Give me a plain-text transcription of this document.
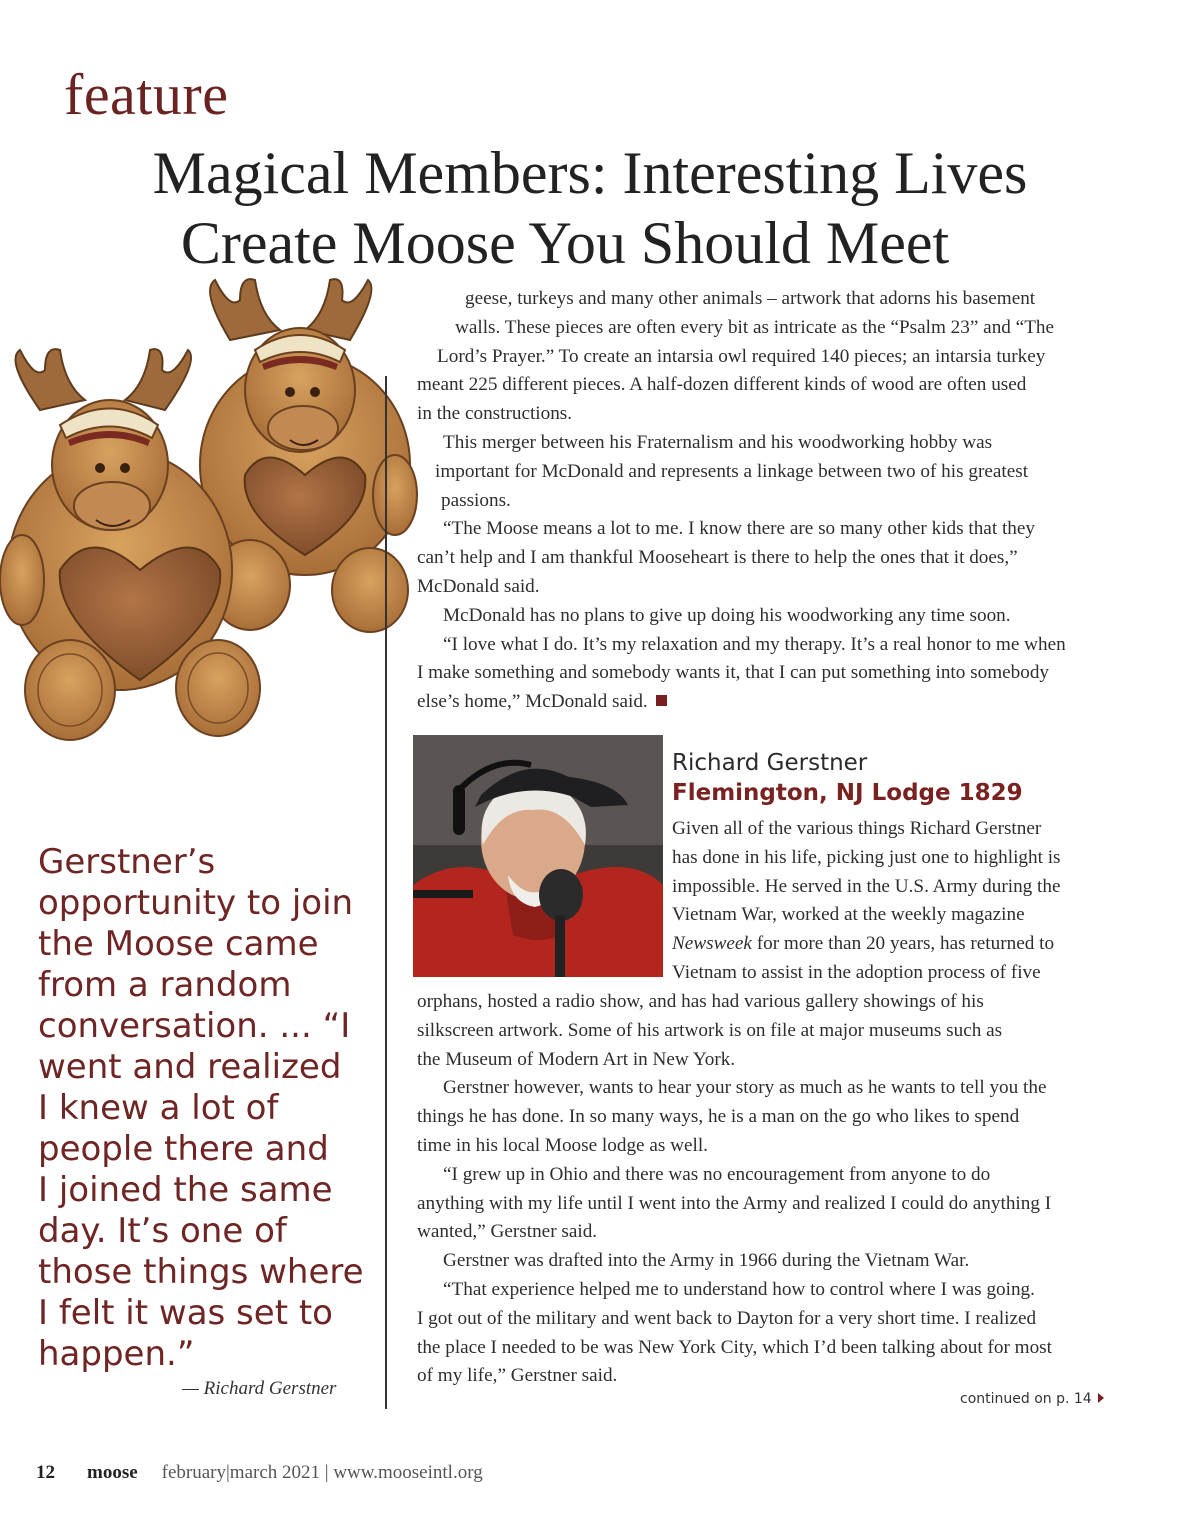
feature
Magical Members: Interesting Lives
Create Moose You Should Meet
geese, turkeys and many other animals – artwork that adorns his basement
walls. These pieces are often every bit as intricate as the “Psalm 23” and “The
Lord’s Prayer.” To create an intarsia owl required 140 pieces; an intarsia turkey
meant 225 different pieces. A half-dozen different kinds of wood are often used
in the constructions.
This merger between his Fraternalism and his woodworking hobby was
important for McDonald and represents a linkage between two of his greatest
passions.
“The Moose means a lot to me. I know there are so many other kids that they
can’t help and I am thankful Mooseheart is there to help the ones that it does,”
McDonald said.
McDonald has no plans to give up doing his woodworking any time soon.
“I love what I do. It’s my relaxation and my therapy. It’s a real honor to me when
I make something and somebody wants it, that I can put something into somebody
else’s home,” McDonald said.
Richard Gerstner
Flemington, NJ Lodge 1829
Given all of the various things Richard Gerstner
has done in his life, picking just one to highlight is
impossible. He served in the U.S. Army during the
Vietnam War, worked at the weekly magazine
Newsweek for more than 20 years, has returned to
Vietnam to assist in the adoption process of five
orphans, hosted a radio show, and has had various gallery showings of his
silkscreen artwork. Some of his artwork is on file at major museums such as
the Museum of Modern Art in New York.
Gerstner however, wants to hear your story as much as he wants to tell you the
things he has done. In so many ways, he is a man on the go who likes to spend
time in his local Moose lodge as well.
“I grew up in Ohio and there was no encouragement from anyone to do
anything with my life until I went into the Army and realized I could do anything I
wanted,” Gerstner said.
Gerstner was drafted into the Army in 1966 during the Vietnam War.
“That experience helped me to understand how to control where I was going.
I got out of the military and went back to Dayton for a very short time. I realized
the place I needed to be was New York City, which I’d been talking about for most
of my life,” Gerstner said.
continued on p. 14
Gerstner’s
opportunity to join
the Moose came
from a random
conversation. ... “I
went and realized
I knew a lot of
people there and
I joined the same
day. It’s one of
those things where
I felt it was set to
happen.”
— Richard Gerstner
12 moose february|march 2021 | www.mooseintl.org
